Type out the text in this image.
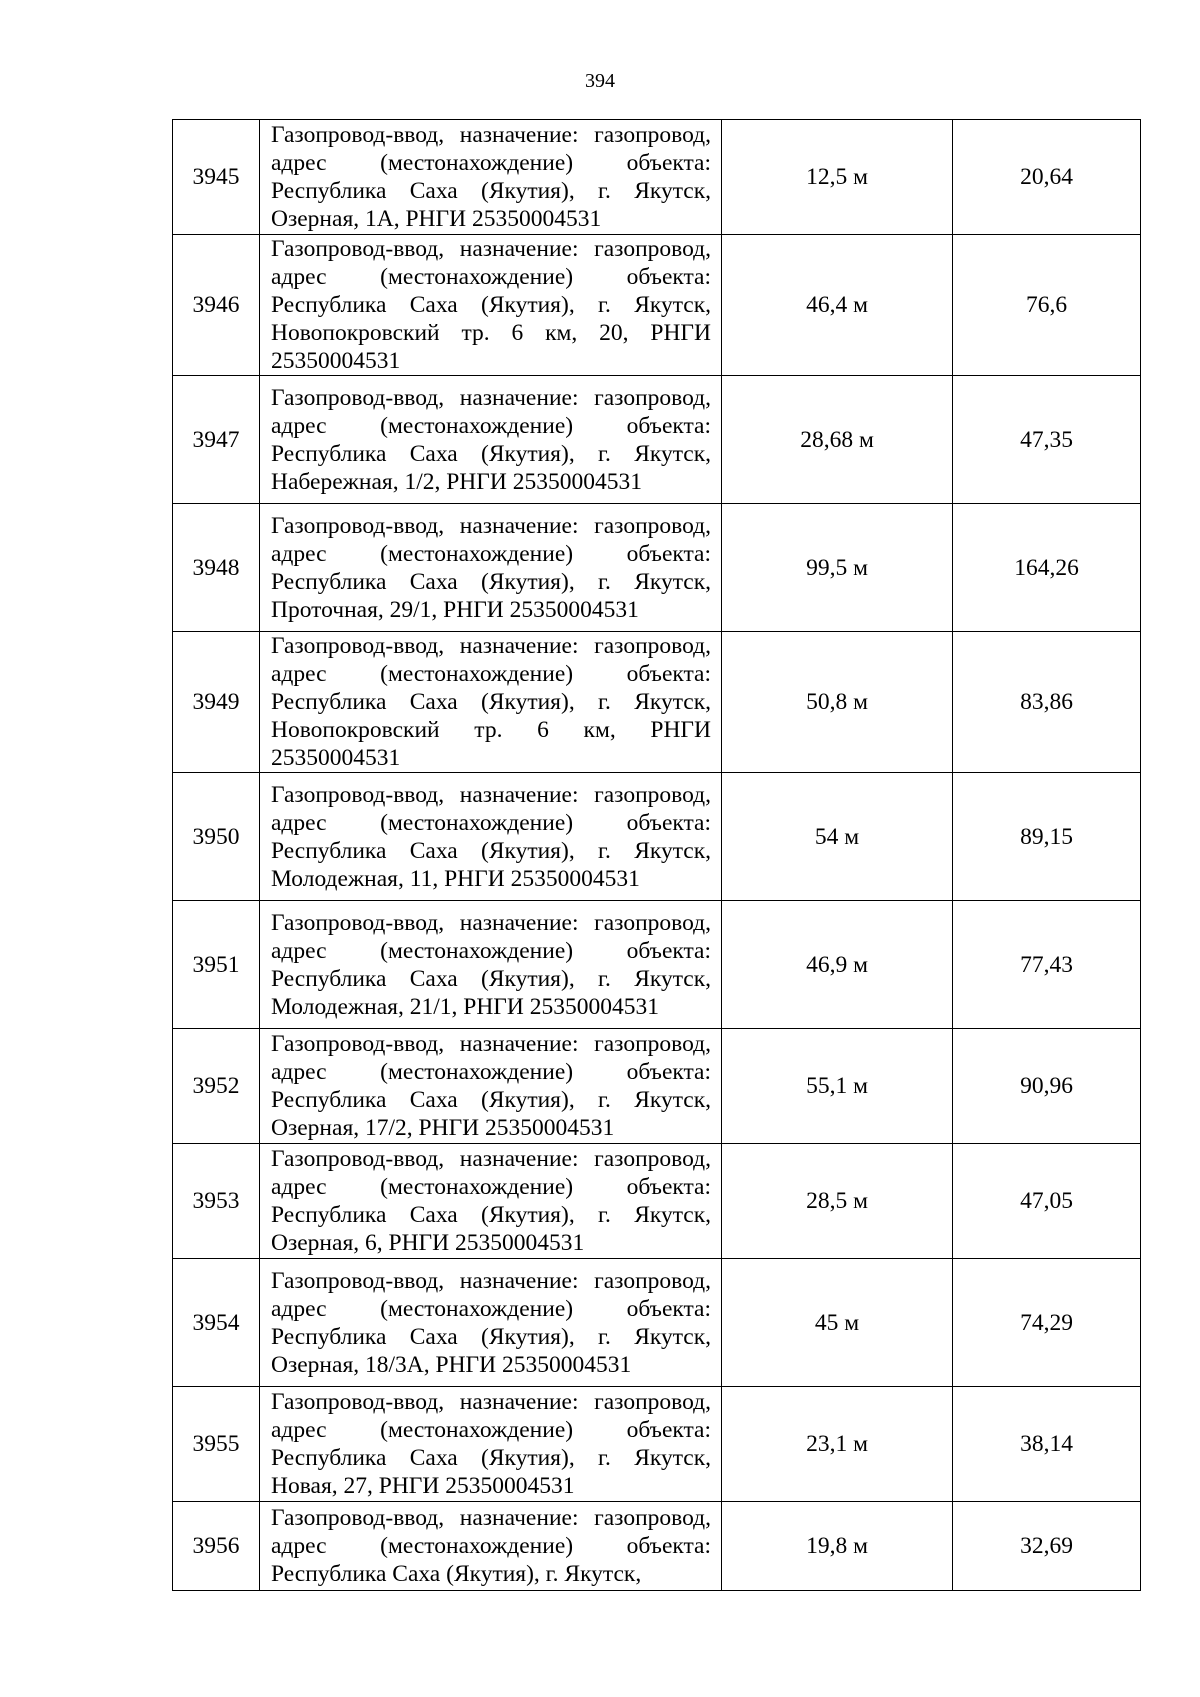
394
3945	Газопровод-ввод, назначение: газопровод, адрес (местонахождение) объекта: Республика Саха (Якутия), г. Якутск, Озерная, 1А, РНГИ 25350004531	12,5 м	20,64
3946	Газопровод-ввод, назначение: газопровод, адрес (местонахождение) объекта: Республика Саха (Якутия), г. Якутск, Новопокровский тр. 6 км, 20, РНГИ 25350004531	46,4 м	76,6
3947	Газопровод-ввод, назначение: газопровод, адрес (местонахождение) объекта: Республика Саха (Якутия), г. Якутск, Набережная, 1/2, РНГИ 25350004531	28,68 м	47,35
3948	Газопровод-ввод, назначение: газопровод, адрес (местонахождение) объекта: Республика Саха (Якутия), г. Якутск, Проточная, 29/1, РНГИ 25350004531	99,5 м	164,26
3949	Газопровод-ввод, назначение: газопровод, адрес (местонахождение) объекта: Республика Саха (Якутия), г. Якутск, Новопокровский тр. 6 км, РНГИ 25350004531	50,8 м	83,86
3950	Газопровод-ввод, назначение: газопровод, адрес (местонахождение) объекта: Республика Саха (Якутия), г. Якутск, Молодежная, 11, РНГИ 25350004531	54 м	89,15
3951	Газопровод-ввод, назначение: газопровод, адрес (местонахождение) объекта: Республика Саха (Якутия), г. Якутск, Молодежная, 21/1, РНГИ 25350004531	46,9 м	77,43
3952	Газопровод-ввод, назначение: газопровод, адрес (местонахождение) объекта: Республика Саха (Якутия), г. Якутск, Озерная, 17/2, РНГИ 25350004531	55,1 м	90,96
3953	Газопровод-ввод, назначение: газопровод, адрес (местонахождение) объекта: Республика Саха (Якутия), г. Якутск, Озерная, 6, РНГИ 25350004531	28,5 м	47,05
3954	Газопровод-ввод, назначение: газопровод, адрес (местонахождение) объекта: Республика Саха (Якутия), г. Якутск, Озерная, 18/3А, РНГИ 25350004531	45 м	74,29
3955	Газопровод-ввод, назначение: газопровод, адрес (местонахождение) объекта: Республика Саха (Якутия), г. Якутск, Новая, 27, РНГИ 25350004531	23,1 м	38,14
3956	Газопровод-ввод, назначение: газопровод, адрес (местонахождение) объекта: Республика Саха (Якутия), г. Якутск,	19,8 м	32,69
